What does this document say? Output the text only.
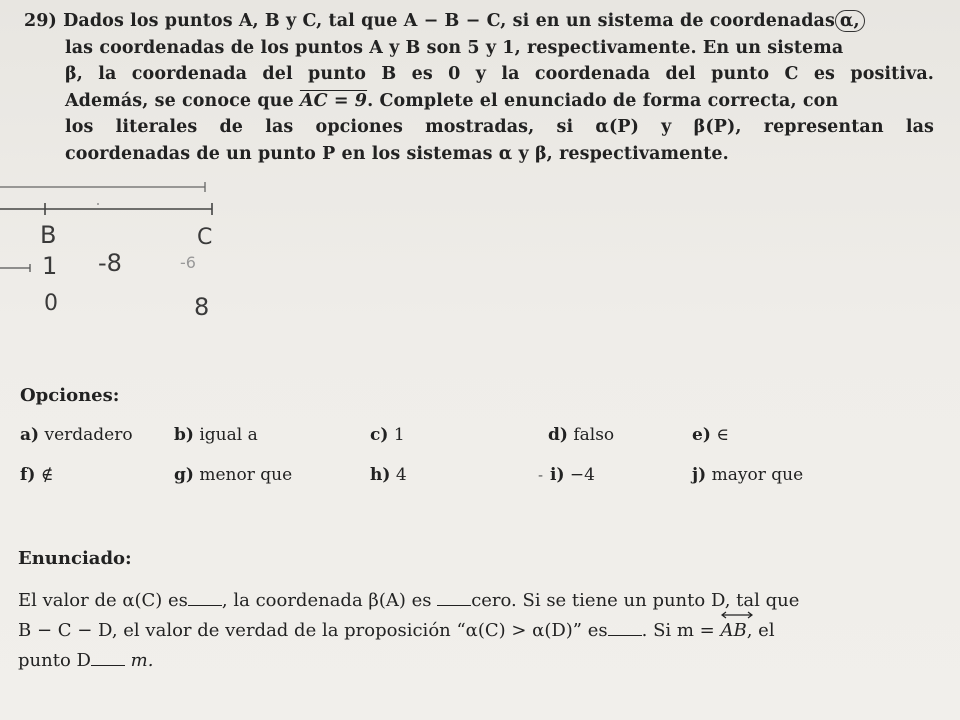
29) Dados los puntos A, B y C, tal que A − B − C, si en un sistema de coordenadas α,
las coordenadas de los puntos A y B son 5 y 1, respectivamente. En un sistema
β, la coordenada del punto B es 0 y la coordenada del punto C es positiva.
Además, se conoce que AC = 9. Complete el enunciado de forma correcta, con
los literales de las opciones mostradas, si α(P) y β(P), representan las
coordenadas de un punto P en los sistemas α y β, respectivamente.
B	C
1 -8	-6
0	8
Opciones:
a) verdadero b) igual a	c) 1	d) falso	e) ∈
f) ∉	g) menor que	h) 4	- i) −4	j) mayor que
Enunciado:
El valor de α(C) es , la coordenada β(A) es cero. Si se tiene un punto D, tal que
B − C − D, el valor de verdad de la proposición “α(C) > α(D)” es . Si m =
AB, el
punto D m.
